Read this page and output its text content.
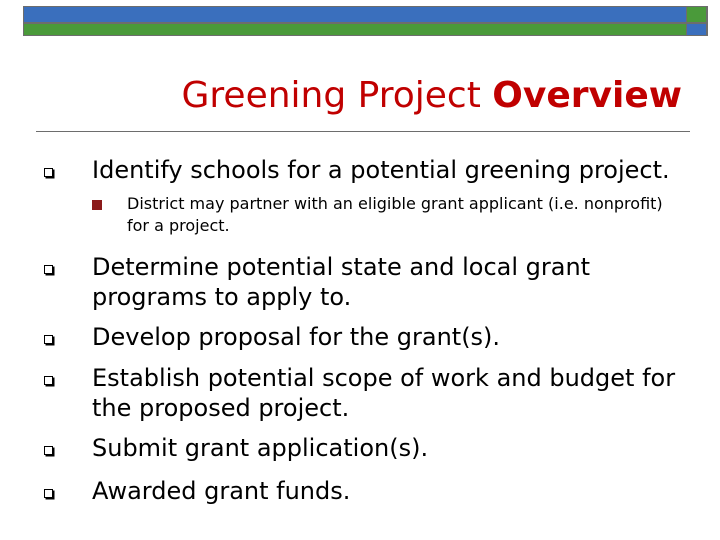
Greening Project Overview

Identify schools for a potential greening project.

District may partner with an eligible grant applicant (i.e. nonprofit) for a project.

Determine potential state and local grant programs to apply to.

Develop proposal for the grant(s).

Establish potential scope of work and budget for the proposed project.

Submit grant application(s).

Awarded grant funds.
